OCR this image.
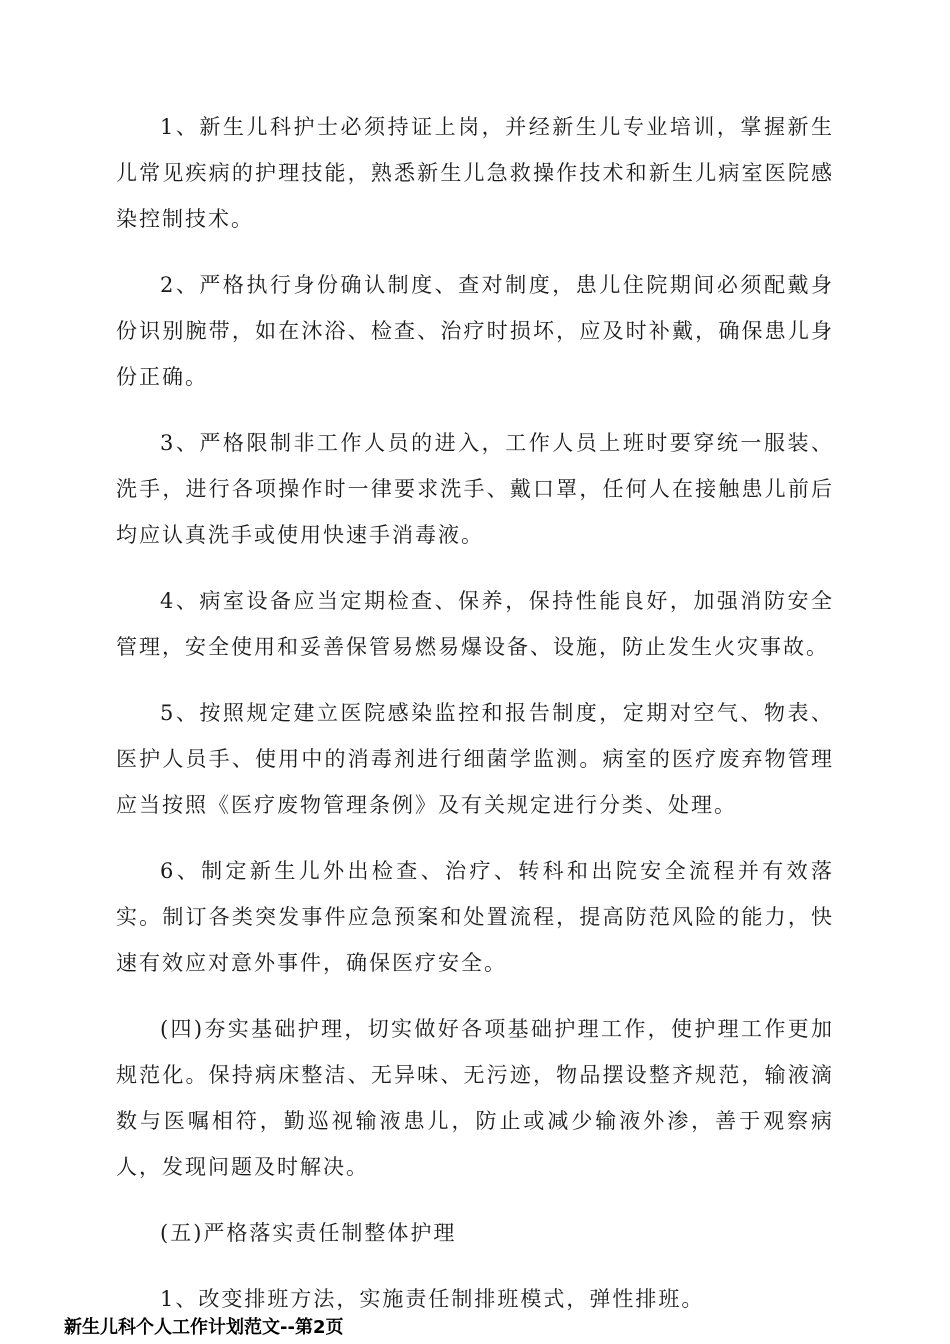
1、新生儿科护士必须持证上岗，并经新生儿专业培训，掌握新生儿常见疾病的护理技能，熟悉新生儿急救操作技术和新生儿病室医院感染控制技术。

2、严格执行身份确认制度、查对制度，患儿住院期间必须配戴身份识别腕带，如在沐浴、检查、治疗时损坏，应及时补戴，确保患儿身份正确。

3、严格限制非工作人员的进入，工作人员上班时要穿统一服装、洗手，进行各项操作时一律要求洗手、戴口罩，任何人在接触患儿前后均应认真洗手或使用快速手消毒液。

4、病室设备应当定期检查、保养，保持性能良好，加强消防安全管理，安全使用和妥善保管易燃易爆设备、设施，防止发生火灾事故。

5、按照规定建立医院感染监控和报告制度，定期对空气、物表、医护人员手、使用中的消毒剂进行细菌学监测。病室的医疗废弃物管理应当按照《医疗废物管理条例》及有关规定进行分类、处理。

6、制定新生儿外出检查、治疗、转科和出院安全流程并有效落实。制订各类突发事件应急预案和处置流程，提高防范风险的能力，快速有效应对意外事件，确保医疗安全。

(四)夯实基础护理，切实做好各项基础护理工作，使护理工作更加规范化。保持病床整洁、无异味、无污迹，物品摆设整齐规范，输液滴数与医嘱相符，勤巡视输液患儿，防止或减少输液外渗，善于观察病人，发现问题及时解决。

(五)严格落实责任制整体护理

1、改变排班方法，实施责任制排班模式，弹性排班。

新生儿科个人工作计划范文--第2页
